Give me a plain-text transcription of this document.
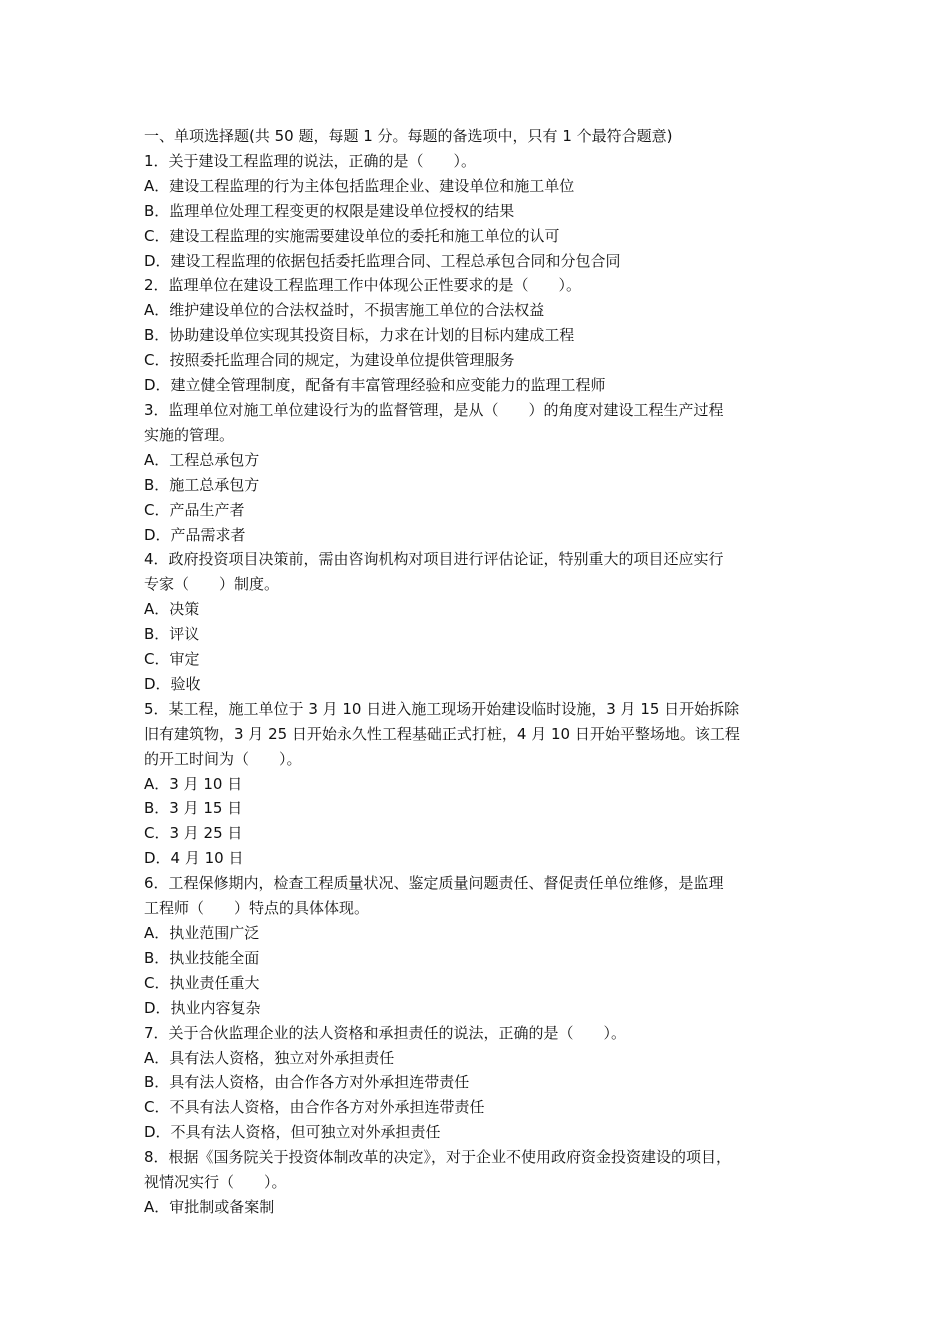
一、单项选择题(共 50 题，每题 1 分。每题的备选项中，只有 1 个最符合题意)
1．关于建设工程监理的说法，正确的是（　　）。
A．建设工程监理的行为主体包括监理企业、建设单位和施工单位
B．监理单位处理工程变更的权限是建设单位授权的结果
C．建设工程监理的实施需要建设单位的委托和施工单位的认可
D．建设工程监理的依据包括委托监理合同、工程总承包合同和分包合同
2．监理单位在建设工程监理工作中体现公正性要求的是（　　）。
A．维护建设单位的合法权益时，不损害施工单位的合法权益
B．协助建设单位实现其投资目标，力求在计划的目标内建成工程
C．按照委托监理合同的规定，为建设单位提供管理服务
D．建立健全管理制度，配备有丰富管理经验和应变能力的监理工程师
3．监理单位对施工单位建设行为的监督管理，是从（　　）的角度对建设工程生产过程
实施的管理。
A．工程总承包方
B．施工总承包方
C．产品生产者
D．产品需求者
4．政府投资项目决策前，需由咨询机构对项目进行评估论证，特别重大的项目还应实行
专家（　　）制度。
A．决策
B．评议
C．审定
D．验收
5．某工程，施工单位于 3 月 10 日进入施工现场开始建设临时设施，3 月 15 日开始拆除
旧有建筑物，3 月 25 日开始永久性工程基础正式打桩，4 月 10 日开始平整场地。该工程
的开工时间为（　　）。
A．3 月 10 日
B．3 月 15 日
C．3 月 25 日
D．4 月 10 日
6．工程保修期内，检查工程质量状况、鉴定质量问题责任、督促责任单位维修，是监理
工程师（　　）特点的具体体现。
A．执业范围广泛
B．执业技能全面
C．执业责任重大
D．执业内容复杂
7．关于合伙监理企业的法人资格和承担责任的说法，正确的是（　　）。
A．具有法人资格，独立对外承担责任
B．具有法人资格，由合作各方对外承担连带责任
C．不具有法人资格，由合作各方对外承担连带责任
D．不具有法人资格，但可独立对外承担责任
8．根据《国务院关于投资体制改革的决定》，对于企业不使用政府资金投资建设的项目，
视情况实行（　　）。
A．审批制或备案制
